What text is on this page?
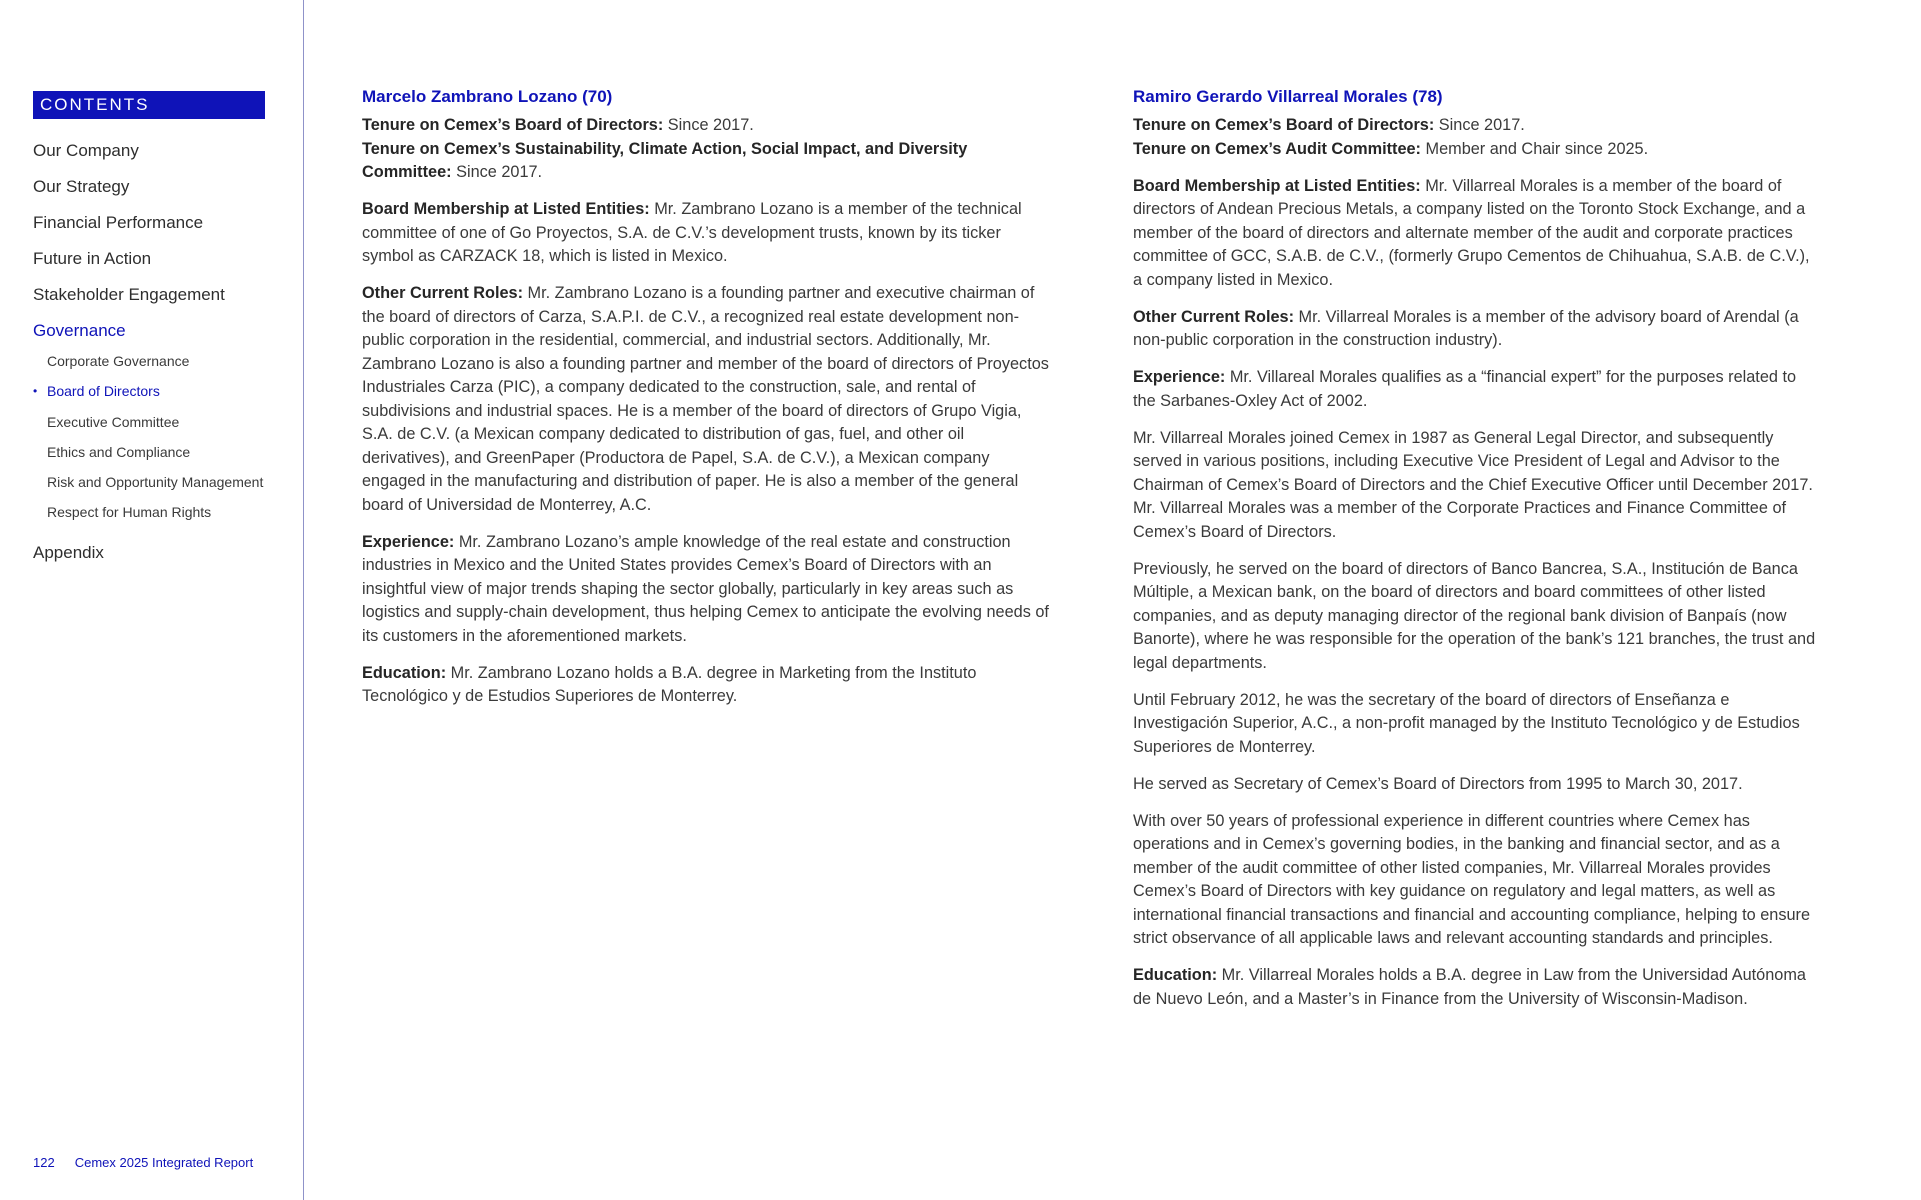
CONTENTS
Our Company
Our Strategy
Financial Performance
Future in Action
Stakeholder Engagement
Governance
Corporate Governance
• Board of Directors
Executive Committee
Ethics and Compliance
Risk and Opportunity Management
Respect for Human Rights
Appendix
122 Cemex 2025 Integrated Report
Marcelo Zambrano Lozano (70)

Tenure on Cemex’s Board of Directors: Since 2017.

Tenure on Cemex’s Sustainability, Climate Action, Social Impact, and Diversity Committee: Since 2017.

Board Membership at Listed Entities: Mr. Zambrano Lozano is a member of the technical committee of one of Go Proyectos, S.A. de C.V.’s development trusts, known by its ticker symbol as CARZACK 18, which is listed in Mexico.

Other Current Roles: Mr. Zambrano Lozano is a founding partner and executive chairman of the board of directors of Carza, S.A.P.I. de C.V., a recognized real estate development non-public corporation in the residential, commercial, and industrial sectors. Additionally, Mr. Zambrano Lozano is also a founding partner and member of the board of directors of Proyectos Industriales Carza (PIC), a company dedicated to the construction, sale, and rental of subdivisions and industrial spaces. He is a member of the board of directors of Grupo Vigia, S.A. de C.V. (a Mexican company dedicated to distribution of gas, fuel, and other oil derivatives), and GreenPaper (Productora de Papel, S.A. de C.V.), a Mexican company engaged in the manufacturing and distribution of paper. He is also a member of the general board of Universidad de Monterrey, A.C.

Experience: Mr. Zambrano Lozano’s ample knowledge of the real estate and construction industries in Mexico and the United States provides Cemex’s Board of Directors with an insightful view of major trends shaping the sector globally, particularly in key areas such as logistics and supply-chain development, thus helping Cemex to anticipate the evolving needs of its customers in the aforementioned markets.

Education: Mr. Zambrano Lozano holds a B.A. degree in Marketing from the Instituto Tecnológico y de Estudios Superiores de Monterrey.

Ramiro Gerardo Villarreal Morales (78)

Tenure on Cemex’s Board of Directors: Since 2017.

Tenure on Cemex’s Audit Committee: Member and Chair since 2025.

Board Membership at Listed Entities: Mr. Villarreal Morales is a member of the board of directors of Andean Precious Metals, a company listed on the Toronto Stock Exchange, and a member of the board of directors and alternate member of the audit and corporate practices committee of GCC, S.A.B. de C.V., (formerly Grupo Cementos de Chihuahua, S.A.B. de C.V.), a company listed in Mexico.

Other Current Roles: Mr. Villarreal Morales is a member of the advisory board of Arendal (a non-public corporation in the construction industry).

Experience: Mr. Villareal Morales qualifies as a “financial expert” for the purposes related to the Sarbanes-Oxley Act of 2002.

Mr. Villarreal Morales joined Cemex in 1987 as General Legal Director, and subsequently served in various positions, including Executive Vice President of Legal and Advisor to the Chairman of Cemex’s Board of Directors and the Chief Executive Officer until December 2017. Mr. Villarreal Morales was a member of the Corporate Practices and Finance Committee of Cemex’s Board of Directors.

Previously, he served on the board of directors of Banco Bancrea, S.A., Institución de Banca Múltiple, a Mexican bank, on the board of directors and board committees of other listed companies, and as deputy managing director of the regional bank division of Banpaís (now Banorte), where he was responsible for the operation of the bank’s 121 branches, the trust and legal departments.

Until February 2012, he was the secretary of the board of directors of Enseñanza e Investigación Superior, A.C., a non-profit managed by the Instituto Tecnológico y de Estudios Superiores de Monterrey.

He served as Secretary of Cemex’s Board of Directors from 1995 to March 30, 2017.

With over 50 years of professional experience in different countries where Cemex has operations and in Cemex’s governing bodies, in the banking and financial sector, and as a member of the audit committee of other listed companies, Mr. Villarreal Morales provides Cemex’s Board of Directors with key guidance on regulatory and legal matters, as well as international financial transactions and financial and accounting compliance, helping to ensure strict observance of all applicable laws and relevant accounting standards and principles.

Education: Mr. Villarreal Morales holds a B.A. degree in Law from the Universidad Autónoma de Nuevo León, and a Master’s in Finance from the University of Wisconsin-Madison.
